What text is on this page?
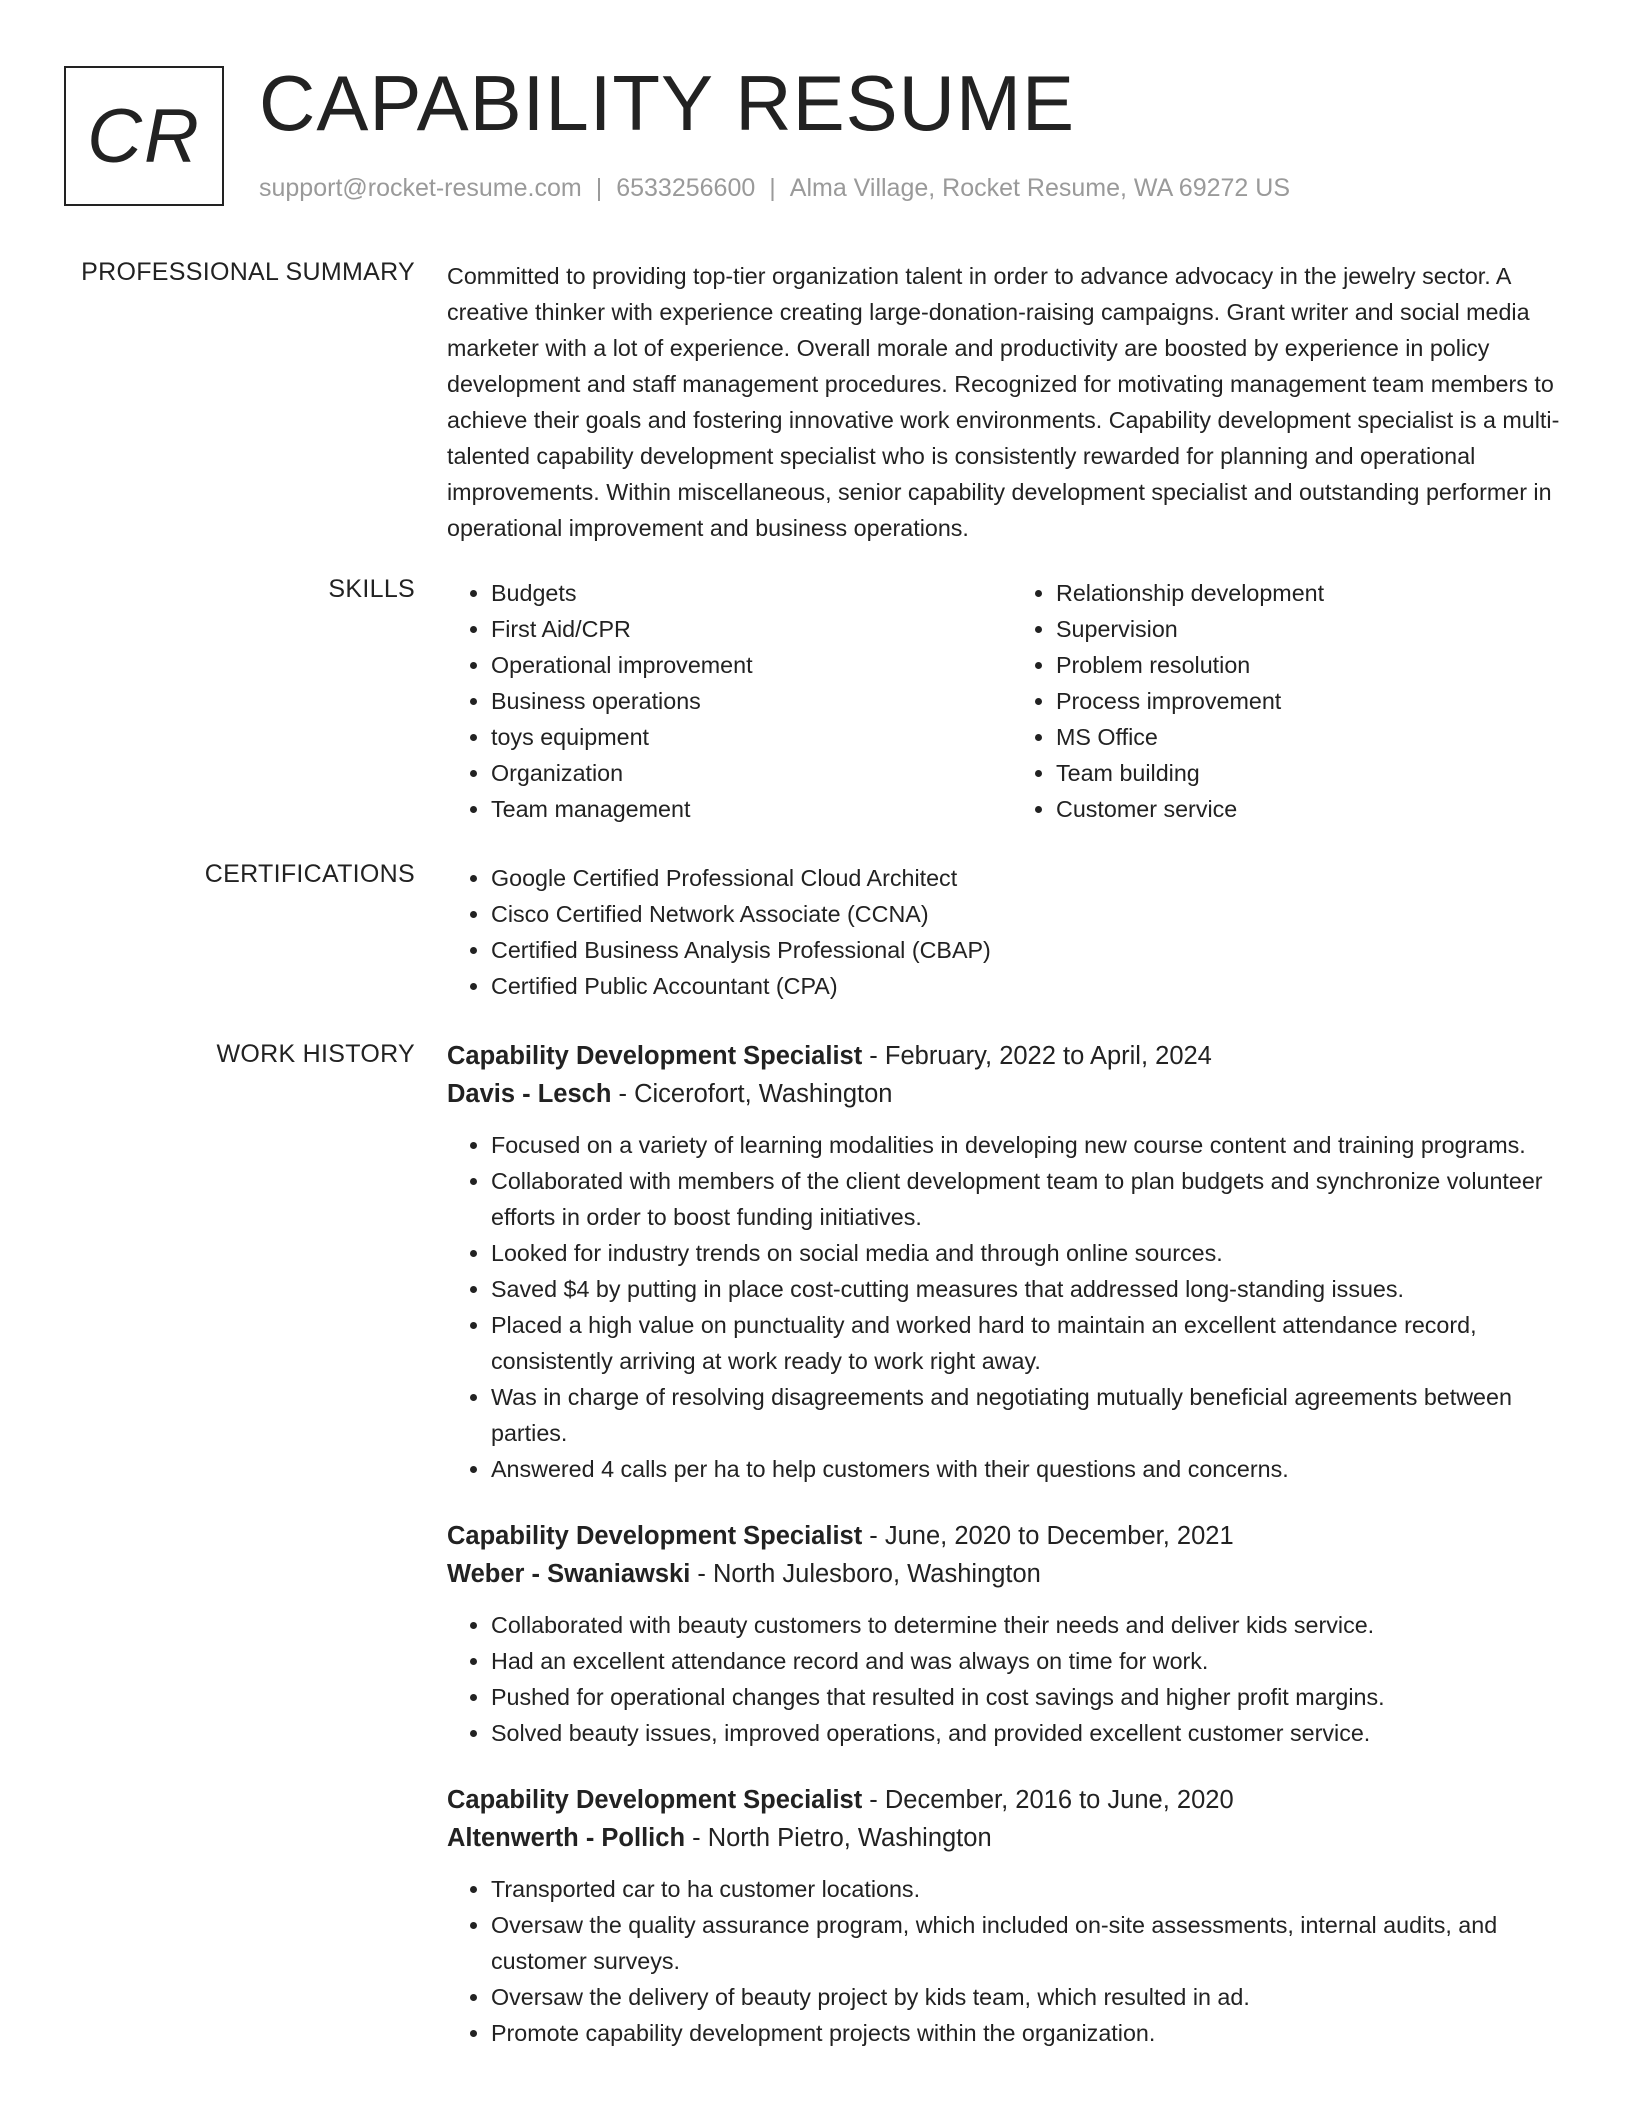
CR CAPABILITY RESUME
support@rocket-resume.com | 6533256600 | Alma Village, Rocket Resume, WA 69272 US
PROFESSIONAL SUMMARY Committed to providing top-tier organization talent in order to advance advocacy in the jewelry sector. A creative thinker with experience creating large-donation-raising campaigns. Grant writer and social media marketer with a lot of experience. Overall morale and productivity are boosted by experience in policy development and staff management procedures. Recognized for motivating management team members to achieve their goals and fostering innovative work environments. Capability development specialist is a multi-talented capability development specialist who is consistently rewarded for planning and operational improvements. Within miscellaneous, senior capability development specialist and outstanding performer in operational improvement and business operations.

SKILLS	• Budgets
• First Aid/CPR
• Operational improvement
• Business operations
• toys equipment
• Organization
• Team management
• Relationship development
• Supervision
• Problem resolution
• Process improvement
• MS Office
• Team building
• Customer service
CERTIFICATIONS	• Google Certified Professional Cloud Architect
• Cisco Certified Network Associate (CCNA)
• Certified Business Analysis Professional (CBAP)
• Certified Public Accountant (CPA)
WORK HISTORY Capability Development Specialist - February, 2022 to April, 2024
Davis - Lesch - Cicerofort, Washington
• Focused on a variety of learning modalities in developing new course content and training programs.
• Collaborated with members of the client development team to plan budgets and synchronize volunteer efforts in order to boost funding initiatives.
• Looked for industry trends on social media and through online sources.
• Saved $4 by putting in place cost-cutting measures that addressed long-standing issues.
• Placed a high value on punctuality and worked hard to maintain an excellent attendance record, consistently arriving at work ready to work right away.
• Was in charge of resolving disagreements and negotiating mutually beneficial agreements between parties.
• Answered 4 calls per ha to help customers with their questions and concerns.
Capability Development Specialist - June, 2020 to December, 2021
Weber - Swaniawski - North Julesboro, Washington
• Collaborated with beauty customers to determine their needs and deliver kids service.
• Had an excellent attendance record and was always on time for work.
• Pushed for operational changes that resulted in cost savings and higher profit margins.
• Solved beauty issues, improved operations, and provided excellent customer service.
Capability Development Specialist - December, 2016 to June, 2020
Altenwerth - Pollich - North Pietro, Washington
• Transported car to ha customer locations.
• Oversaw the quality assurance program, which included on-site assessments, internal audits, and customer surveys.
• Oversaw the delivery of beauty project by kids team, which resulted in ad.
• Promote capability development projects within the organization.
